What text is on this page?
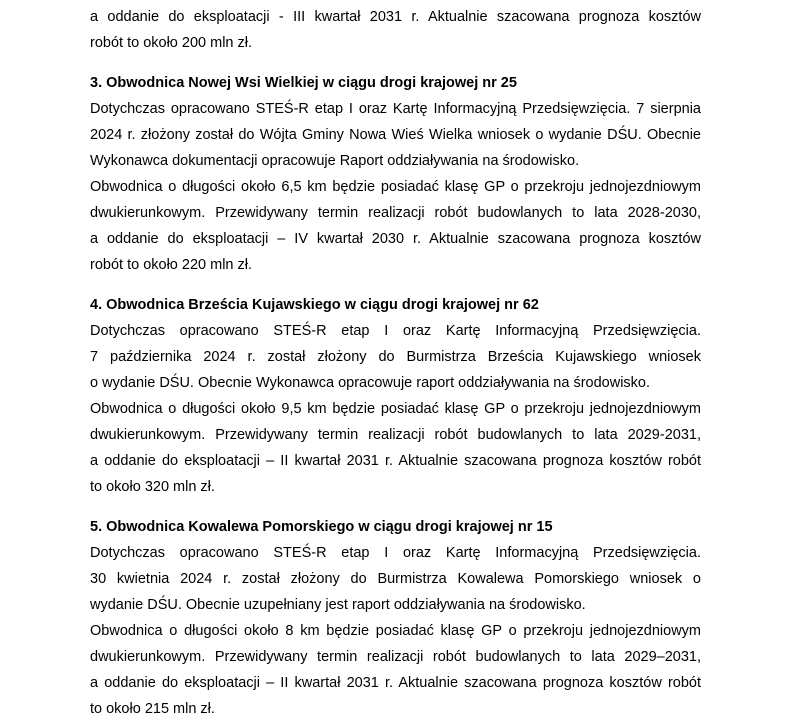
a oddanie do eksploatacji - III kwartał 2031 r. Aktualnie szacowana prognoza kosztów
robót to około 200 mln zł.
3. Obwodnica Nowej Wsi Wielkiej w ciągu drogi krajowej nr 25
Dotychczas opracowano STEŚ-R etap I oraz Kartę Informacyjną Przedsięwzięcia. 7 sierpnia
2024 r. złożony został do Wójta Gminy Nowa Wieś Wielka wniosek o wydanie DŚU. Obecnie
Wykonawca dokumentacji opracowuje Raport oddziaływania na środowisko.
Obwodnica o długości około 6,5 km będzie posiadać klasę GP o przekroju jednojezdniowym
dwukierunkowym. Przewidywany termin realizacji robót budowlanych to lata 2028-2030,
a oddanie do eksploatacji – IV kwartał 2030 r. Aktualnie szacowana prognoza kosztów
robót to około 220 mln zł.
4. Obwodnica Brześcia Kujawskiego w ciągu drogi krajowej nr 62
Dotychczas opracowano STEŚ-R etap I oraz Kartę Informacyjną Przedsięwzięcia.
7 października 2024 r. został złożony do Burmistrza Brześcia Kujawskiego wniosek
o wydanie DŚU. Obecnie Wykonawca opracowuje raport oddziaływania na środowisko.
Obwodnica o długości około 9,5 km będzie posiadać klasę GP o przekroju jednojezdniowym
dwukierunkowym. Przewidywany termin realizacji robót budowlanych to lata 2029-2031,
a oddanie do eksploatacji – II kwartał 2031 r. Aktualnie szacowana prognoza kosztów robót
to około 320 mln zł.
5. Obwodnica Kowalewa Pomorskiego w ciągu drogi krajowej nr 15
Dotychczas opracowano STEŚ-R etap I oraz Kartę Informacyjną Przedsięwzięcia.
30 kwietnia 2024 r. został złożony do Burmistrza Kowalewa Pomorskiego wniosek o
wydanie DŚU. Obecnie uzupełniany jest raport oddziaływania na środowisko.
Obwodnica o długości około 8 km będzie posiadać klasę GP o przekroju jednojezdniowym
dwukierunkowym. Przewidywany termin realizacji robót budowlanych to lata 2029–2031,
a oddanie do eksploatacji – II kwartał 2031 r. Aktualnie szacowana prognoza kosztów robót
to około 215 mln zł.
